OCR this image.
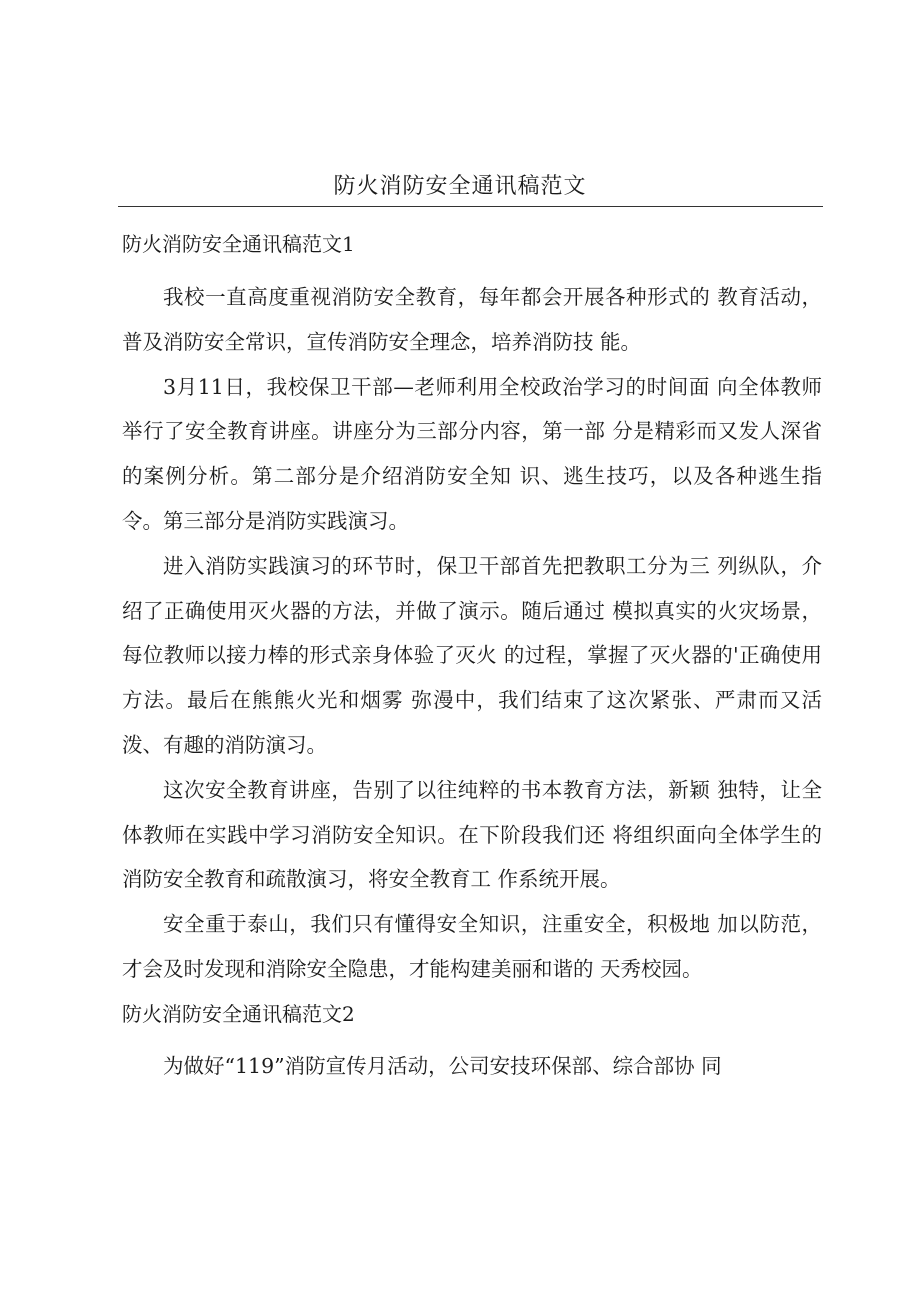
防火消防安全通讯稿范文

防火消防安全通讯稿范文1

我校一直高度重视消防安全教育，每年都会开展各种形式的 教育活动，普及消防安全常识，宣传消防安全理念，培养消防技 能。

3月11日，我校保卫干部—老师利用全校政治学习的时间面 向全体教师举行了安全教育讲座。讲座分为三部分内容，第一部 分是精彩而又发人深省的案例分析。第二部分是介绍消防安全知 识、逃生技巧，以及各种逃生指令。第三部分是消防实践演习。

进入消防实践演习的环节时，保卫干部首先把教职工分为三 列纵队，介绍了正确使用灭火器的方法，并做了演示。随后通过 模拟真实的火灾场景，每位教师以接力棒的形式亲身体验了灭火 的过程，掌握了灭火器的'正确使用方法。最后在熊熊火光和烟雾 弥漫中，我们结束了这次紧张、严肃而又活泼、有趣的消防演习。

这次安全教育讲座，告别了以往纯粹的书本教育方法，新颖 独特，让全体教师在实践中学习消防安全知识。在下阶段我们还 将组织面向全体学生的消防安全教育和疏散演习，将安全教育工 作系统开展。

安全重于泰山，我们只有懂得安全知识，注重安全，积极地 加以防范，才会及时发现和消除安全隐患，才能构建美丽和谐的 天秀校园。

防火消防安全通讯稿范文2

为做好“119”消防宣传月活动，公司安技环保部、综合部协 同
